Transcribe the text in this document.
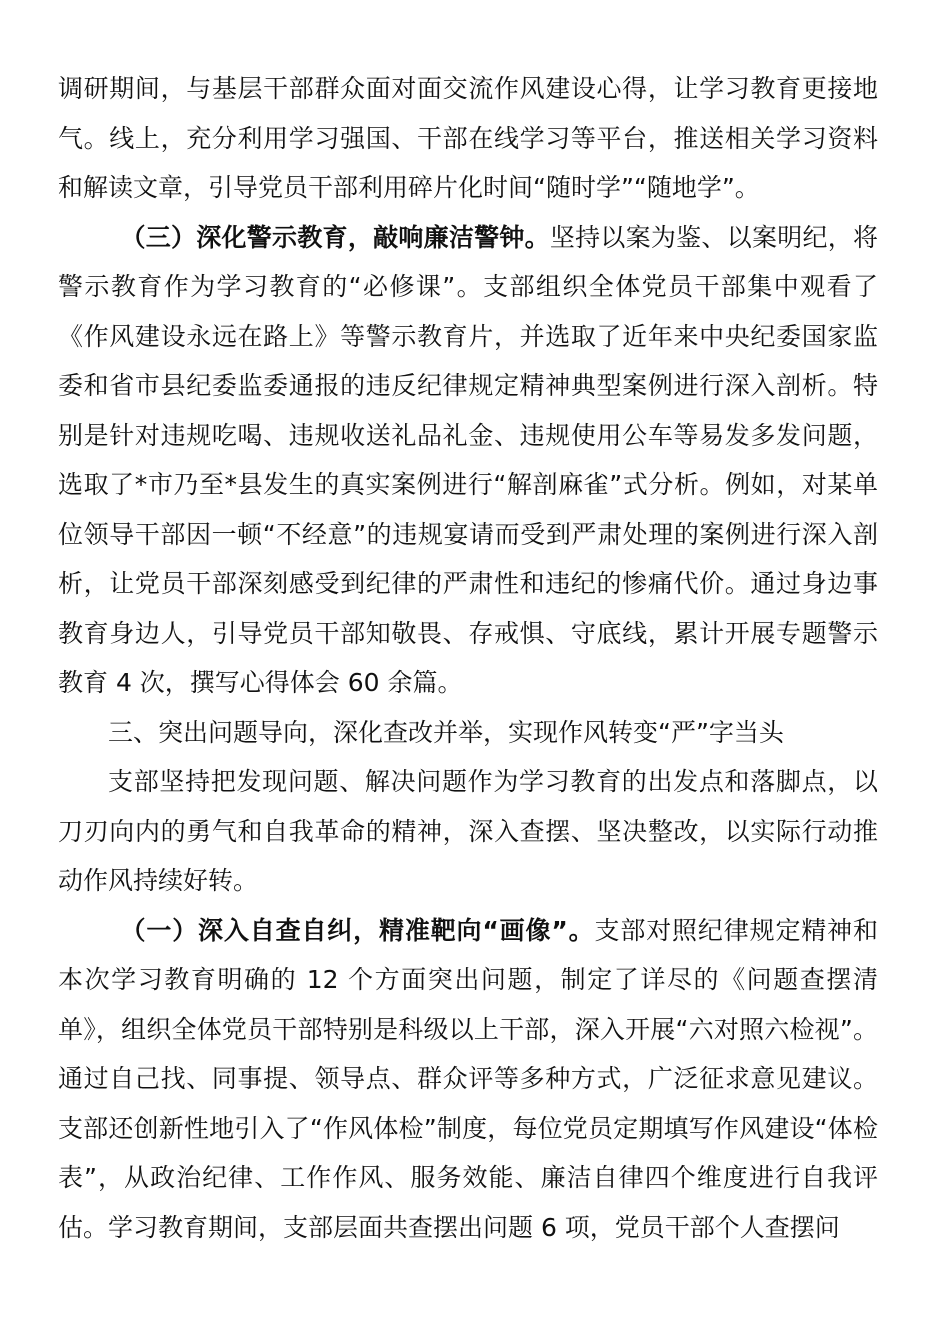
调研期间，与基层干部群众面对面交流作风建设心得，让学习教育更接地气。线上，充分利用学习强国、干部在线学习等平台，推送相关学习资料和解读文章，引导党员干部利用碎片化时间“随时学”“随地学”。

（三）深化警示教育，敲响廉洁警钟。坚持以案为鉴、以案明纪，将警示教育作为学习教育的“必修课”。支部组织全体党员干部集中观看了《作风建设永远在路上》等警示教育片，并选取了近年来中央纪委国家监委和省市县纪委监委通报的违反纪律规定精神典型案例进行深入剖析。特别是针对违规吃喝、违规收送礼品礼金、违规使用公车等易发多发问题，选取了*市乃至*县发生的真实案例进行“解剖麻雀”式分析。例如，对某单位领导干部因一顿“不经意”的违规宴请而受到严肃处理的案例进行深入剖析，让党员干部深刻感受到纪律的严肃性和违纪的惨痛代价。通过身边事教育身边人，引导党员干部知敬畏、存戒惧、守底线，累计开展专题警示教育 4 次，撰写心得体会 60 余篇。

三、突出问题导向，深化查改并举，实现作风转变“严”字当头

支部坚持把发现问题、解决问题作为学习教育的出发点和落脚点，以刀刃向内的勇气和自我革命的精神，深入查摆、坚决整改，以实际行动推动作风持续好转。

（一）深入自查自纠，精准靶向“画像”。支部对照纪律规定精神和本次学习教育明确的 12 个方面突出问题，制定了详尽的《问题查摆清单》，组织全体党员干部特别是科级以上干部，深入开展“六对照六检视”。通过自己找、同事提、领导点、群众评等多种方式，广泛征求意见建议。支部还创新性地引入了“作风体检”制度，每位党员定期填写作风建设“体检表”，从政治纪律、工作作风、服务效能、廉洁自律四个维度进行自我评估。学习教育期间，支部层面共查摆出问题 6 项，党员干部个人查摆问
